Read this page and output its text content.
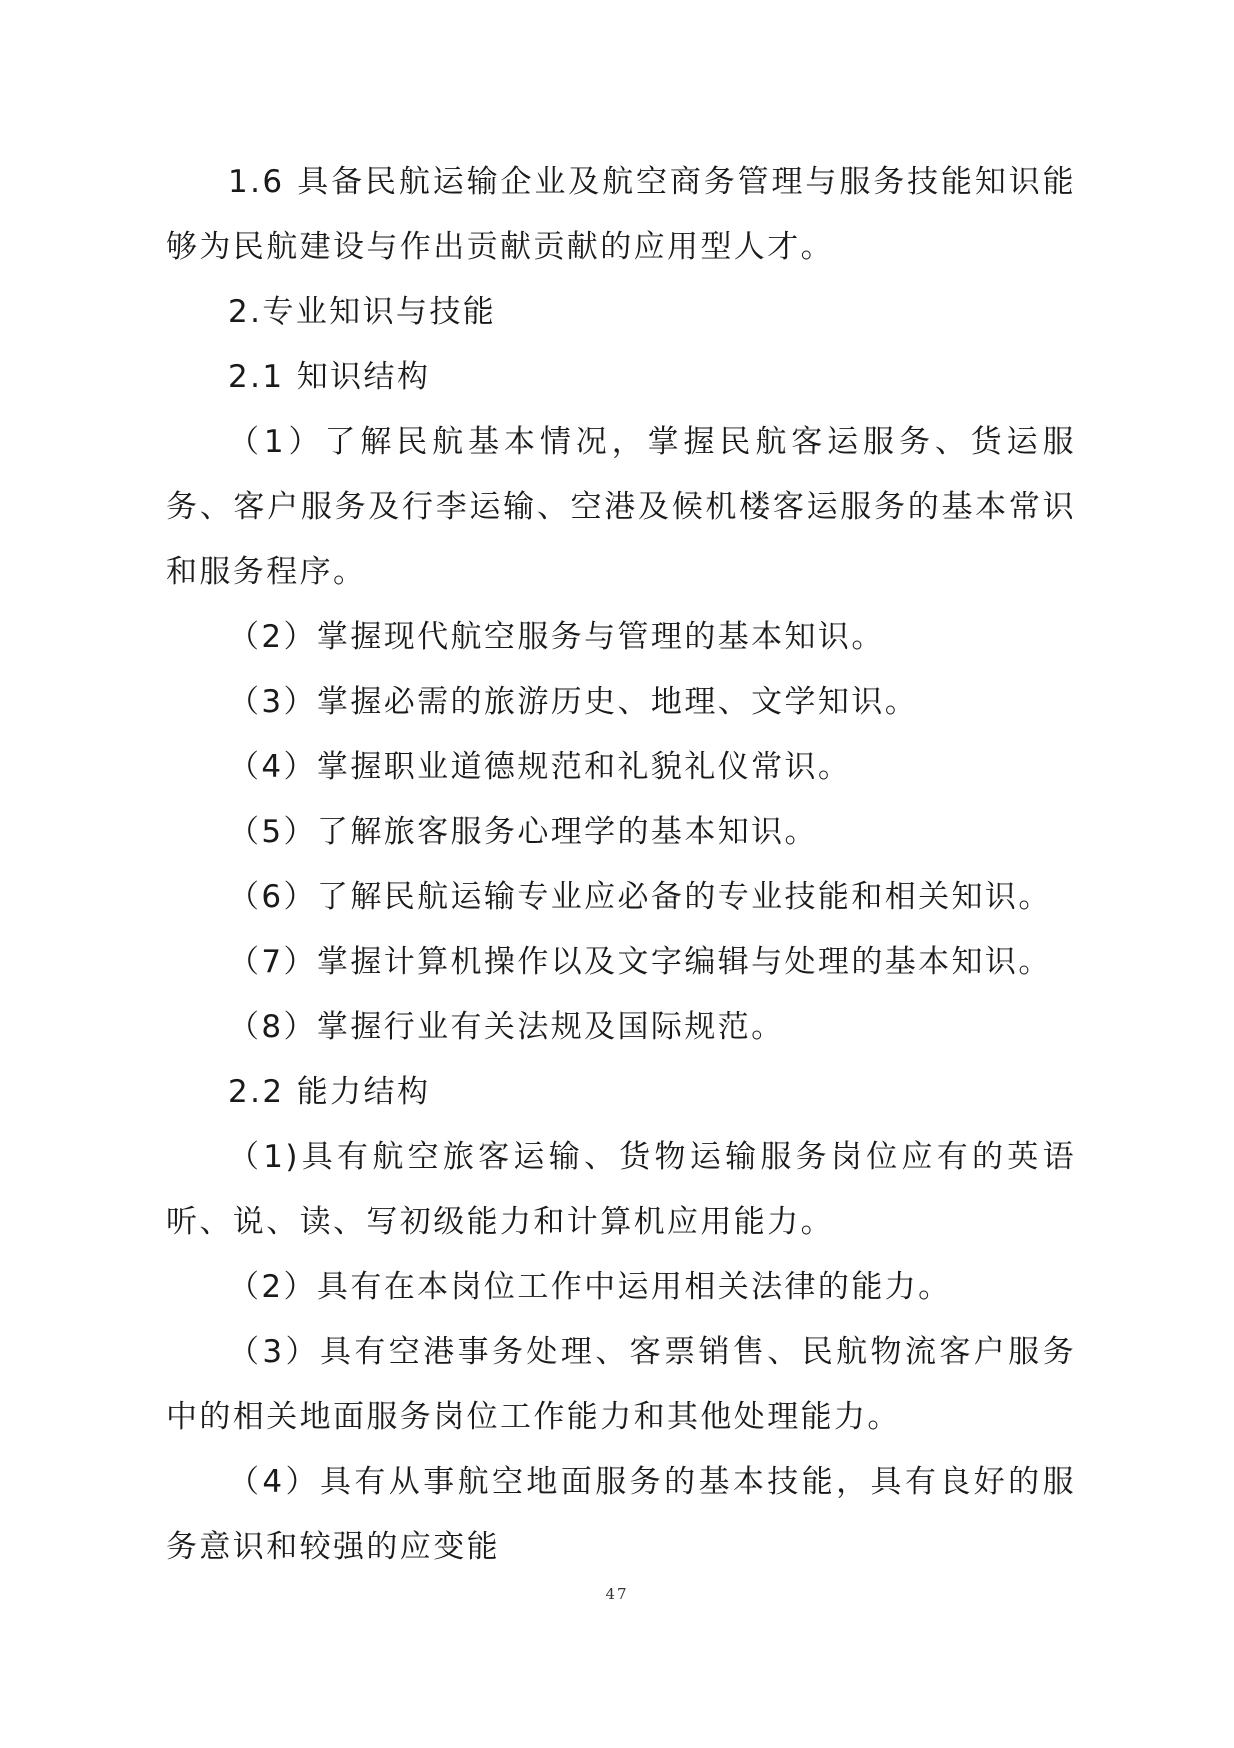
1.6 具备民航运输企业及航空商务管理与服务技能知识能够为民航建设与作出贡献贡献的应用型人才。

2.专业知识与技能

2.1 知识结构

（1）了解民航基本情况，掌握民航客运服务、货运服务、客户服务及行李运输、空港及候机楼客运服务的基本常识和服务程序。

（2）掌握现代航空服务与管理的基本知识。

（3）掌握必需的旅游历史、地理、文学知识。

（4）掌握职业道德规范和礼貌礼仪常识。

（5）了解旅客服务心理学的基本知识。

（6）了解民航运输专业应必备的专业技能和相关知识。

（7）掌握计算机操作以及文字编辑与处理的基本知识。

（8）掌握行业有关法规及国际规范。

2.2 能力结构

（1)具有航空旅客运输、货物运输服务岗位应有的英语听、说、读、写初级能力和计算机应用能力。

（2）具有在本岗位工作中运用相关法律的能力。

（3）具有空港事务处理、客票销售、民航物流客户服务中的相关地面服务岗位工作能力和其他处理能力。

（4）具有从事航空地面服务的基本技能，具有良好的服务意识和较强的应变能

47
